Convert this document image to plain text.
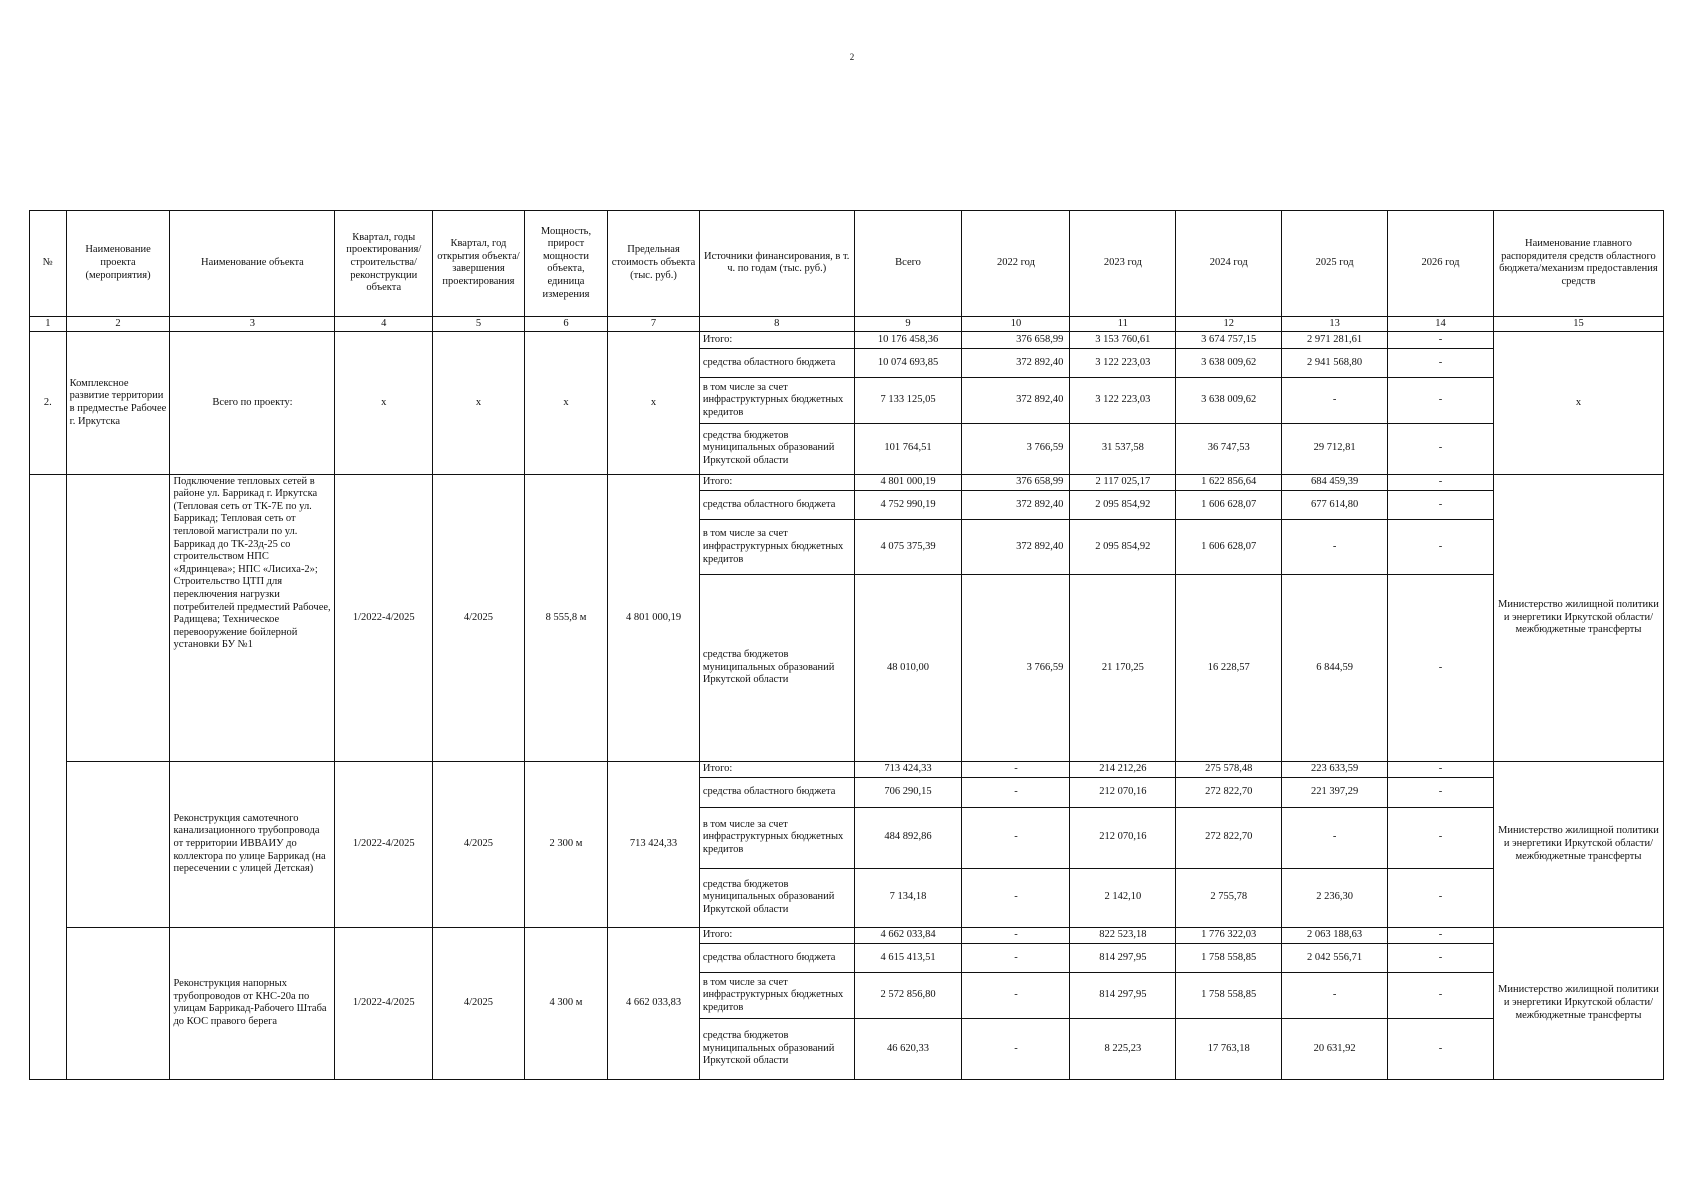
2
№	Наименование проекта (мероприятия)	Наименование объекта	Квартал, годы проектирования/строительства/реконструкции объекта	Квартал, год открытия объекта/завершения проектирования	Мощность, прирост мощности объекта, единица измерения	Предельная стоимость объекта (тыс. руб.)	Источники финансирования, в т. ч. по годам (тыс. руб.)	Всего	2022 год	2023 год	2024 год	2025 год	2026 год	Наименование главного распорядителя средств областного бюджета/механизм предоставления средств
1	2	3	4	5	6	7	8	9	10	11	12	13	14	15
2.	Комплексное развитие территории в предместье Рабочее г. Иркутска	Всего по проекту:	х	х	х	х	Итого:	10 176 458,36	376 658,99	3 153 760,61	3 674 757,15	2 971 281,61	-	х
							средства областного бюджета	10 074 693,85	372 892,40	3 122 223,03	3 638 009,62	2 941 568,80	-	
							в том числе за счет инфраструктурных бюджетных кредитов	7 133 125,05	372 892,40	3 122 223,03	3 638 009,62	-	-	
							средства бюджетов муниципальных образований Иркутской области	101 764,51	3 766,59	31 537,58	36 747,53	29 712,81	-	
		Подключение тепловых сетей в районе ул. Баррикад г. Иркутска (Тепловая сеть от ТК-7Е по ул. Баррикад; Тепловая сеть от тепловой магистрали по ул. Баррикад до ТК-23д-25 со строительством НПС «Ядринцева»; НПС «Лисиха-2»; Строительство ЦТП для переключения нагрузки потребителей предместий Рабочее, Радищева; Техническое перевооружение бойлерной установки БУ №1	1/2022-4/2025	4/2025	8 555,8 м	4 801 000,19	Итого:	4 801 000,19	376 658,99	2 117 025,17	1 622 856,64	684 459,39	-	Министерство жилищной политики и энергетики Иркутской области/ межбюджетные трансферты
							средства областного бюджета	4 752 990,19	372 892,40	2 095 854,92	1 606 628,07	677 614,80	-	
							в том числе за счет инфраструктурных бюджетных кредитов	4 075 375,39	372 892,40	2 095 854,92	1 606 628,07	-	-	
							средства бюджетов муниципальных образований Иркутской области	48 010,00	3 766,59	21 170,25	16 228,57	6 844,59	-	
		Реконструкция самотечного канализационного трубопровода от территории ИВВАИУ до коллектора по улице Баррикад (на пересечении с улицей Детская)	1/2022-4/2025	4/2025	2 300 м	713 424,33	Итого:	713 424,33	-	214 212,26	275 578,48	223 633,59	-	Министерство жилищной политики и энергетики Иркутской области/ межбюджетные трансферты
							средства областного бюджета	706 290,15	-	212 070,16	272 822,70	221 397,29	-	
							в том числе за счет инфраструктурных бюджетных кредитов	484 892,86	-	212 070,16	272 822,70	-	-	
							средства бюджетов муниципальных образований Иркутской области	7 134,18	-	2 142,10	2 755,78	2 236,30	-	
		Реконструкция напорных трубопроводов от КНС-20а по улицам Баррикад-Рабочего Штаба до КОС правого берега	1/2022-4/2025	4/2025	4 300 м	4 662 033,83	Итого:	4 662 033,84	-	822 523,18	1 776 322,03	2 063 188,63	-	Министерство жилищной политики и энергетики Иркутской области/ межбюджетные трансферты
							средства областного бюджета	4 615 413,51	-	814 297,95	1 758 558,85	2 042 556,71	-	
							в том числе за счет инфраструктурных бюджетных кредитов	2 572 856,80	-	814 297,95	1 758 558,85	-	-	
							средства бюджетов муниципальных образований Иркутской области	46 620,33	-	8 225,23	17 763,18	20 631,92	-	
